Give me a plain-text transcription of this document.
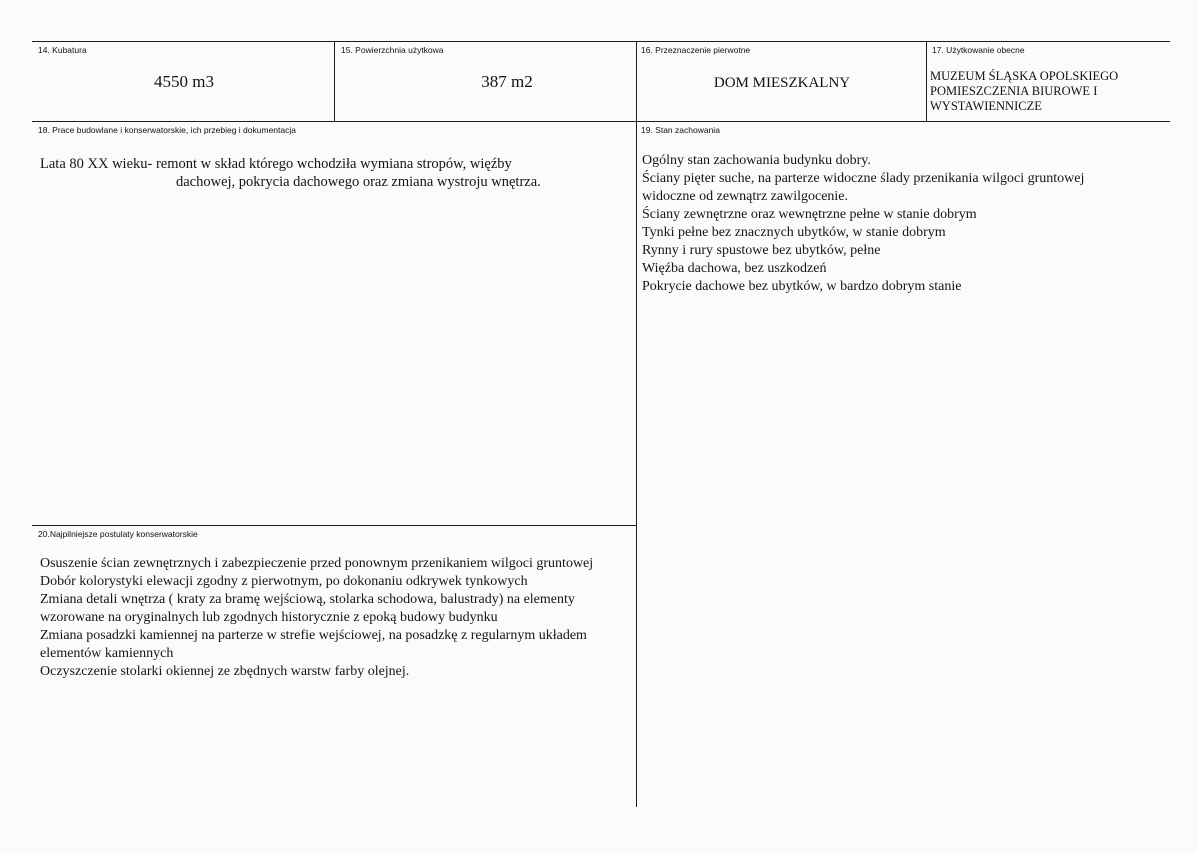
14. Kubatura
4550 m3
15. Powierzchnia użytkowa
387 m2
16. Przeznaczenie pierwotne
DOM MIESZKALNY
17. Użytkowanie obecne
MUZEUM ŚLĄSKA OPOLSKIEGO
POMIESZCZENIA BIUROWE I
WYSTAWIENNICZE
18. Prace budowlane i konserwatorskie, ich przebieg i dokumentacja
Lata 80 XX wieku- remont w skład którego wchodziła wymiana stropów, więźby
dachowej, pokrycia dachowego oraz zmiana wystroju wnętrza.
19. Stan zachowania
Ogólny stan zachowania budynku dobry.
Ściany pięter suche, na parterze widoczne ślady przenikania wilgoci gruntowej
widoczne od zewnątrz zawilgocenie.
Ściany zewnętrzne oraz wewnętrzne pełne w stanie dobrym
Tynki pełne bez znacznych ubytków, w stanie dobrym
Rynny i rury spustowe bez ubytków, pełne
Więźba dachowa, bez uszkodzeń
Pokrycie dachowe bez ubytków, w bardzo dobrym stanie
20.Najpilniejsze postulaty konserwatorskie
Osuszenie ścian zewnętrznych i zabezpieczenie przed ponownym przenikaniem wilgoci gruntowej
Dobór kolorystyki elewacji zgodny z pierwotnym, po dokonaniu odkrywek tynkowych
Zmiana detali wnętrza ( kraty za bramę wejściową, stolarka schodowa, balustrady) na elementy wzorowane na oryginalnych lub zgodnych historycznie z epoką budowy budynku
Zmiana posadzki kamiennej na parterze w strefie wejściowej, na posadzkę z regularnym układem elementów kamiennych
Oczyszczenie stolarki okiennej ze zbędnych warstw farby olejnej.
